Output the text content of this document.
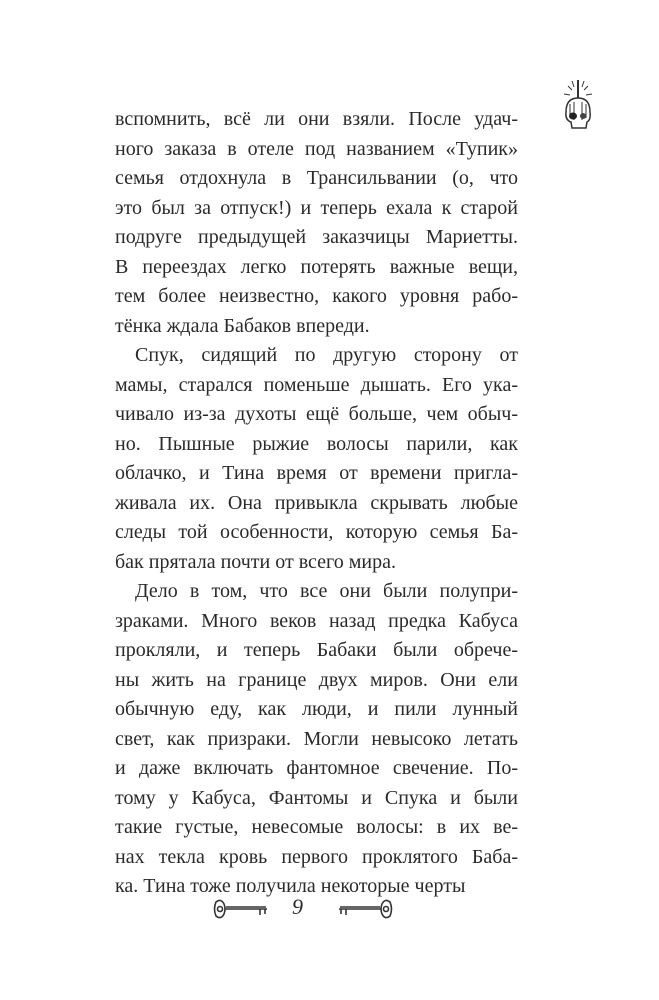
вспомнить, всё ли они взяли. После удач-
ного заказа в отеле под названием «Тупик»
семья отдохнула в Трансильвании (о, что
это был за отпуск!) и теперь ехала к старой
подруге предыдущей заказчицы Мариетты.
В переездах легко потерять важные вещи,
тем более неизвестно, какого уровня рабо-
тёнка ждала Бабаков впереди.
Спук, сидящий по другую сторону от
мамы, старался поменьше дышать. Его ука-
чивало из-за духоты ещё больше, чем обыч-
но. Пышные рыжие волосы парили, как
облачко, и Тина время от времени пригла-
живала их. Она привыкла скрывать любые
следы той особенности, которую семья Ба-
бак прятала почти от всего мира.
Дело в том, что все они были полупри-
зраками. Много веков назад предка Кабуса
прокляли, и теперь Бабаки были обрече-
ны жить на границе двух миров. Они ели
обычную еду, как люди, и пили лунный
свет, как призраки. Могли невысоко летать
и даже включать фантомное свечение. По-
тому у Кабуса, Фантомы и Спука и были
такие густые, невесомые волосы: в их ве-
нах текла кровь первого проклятого Баба-
ка. Тина тоже получила некоторые черты
9
